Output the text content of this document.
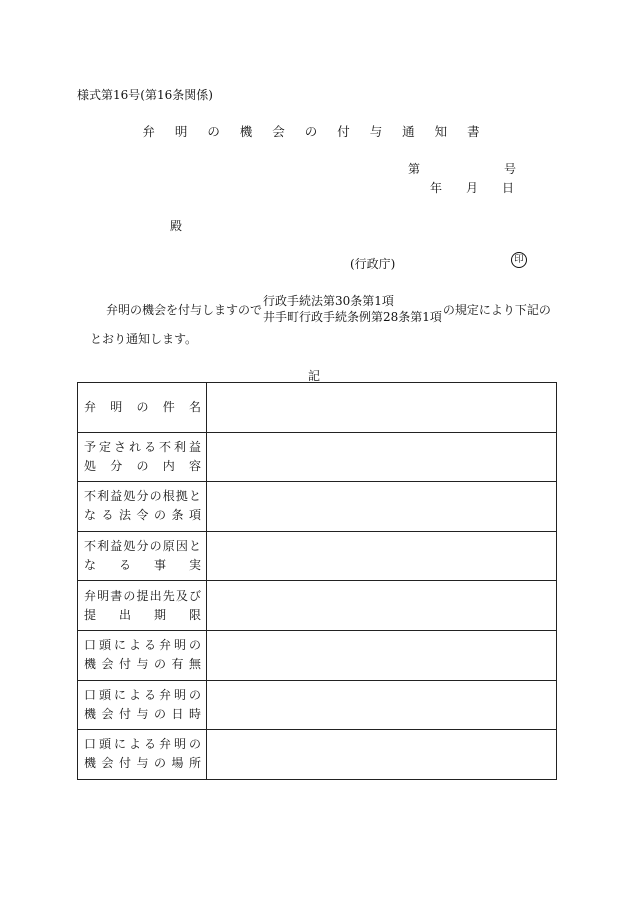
様式第16号(第16条関係)
弁 明 の 機 会 の 付 与 通 知 書
第	号
年 月 日
殿
(行政庁)	印
弁明の機会を付与しますので
行政手続法第30条第1項
井手町行政手続条例第28条第1項
の規定により下記の
とおり通知します。
記
弁 明 の 件 名	

予定される不利益
処 分 の 内 容	

不利益処分の根拠と
な る 法 令 の 条 項	

不利益処分の原因と
な る 事 実	

弁明書の提出先及び
提 出 期 限	

口頭による弁明の
機 会 付 与 の 有 無	

口頭による弁明の
機 会 付 与 の 日 時	

口頭による弁明の
機 会 付 与 の 場 所	
